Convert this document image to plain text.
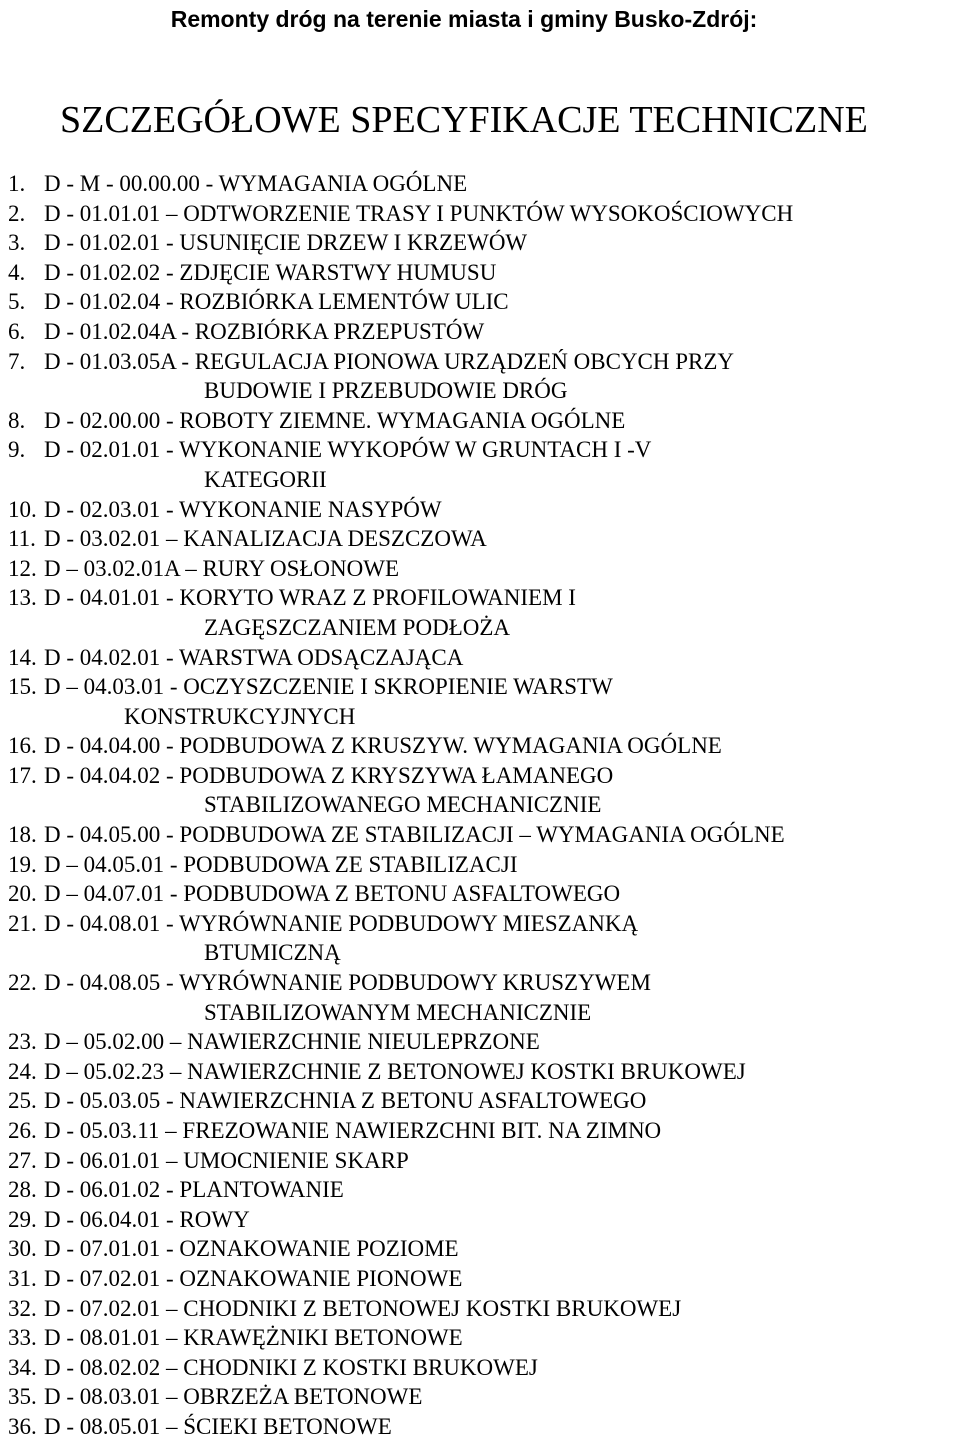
Remonty dróg na terenie miasta i gminy Busko-Zdrój:
SZCZEGÓŁOWE SPECYFIKACJE TECHNICZNE
1. D - M - 00.00.00 - WYMAGANIA OGÓLNE
2. D - 01.01.01 – ODTWORZENIE TRASY I PUNKTÓW WYSOKOŚCIOWYCH
3. D - 01.02.01 - USUNIĘCIE DRZEW I KRZEWÓW
4. D - 01.02.02 - ZDJĘCIE WARSTWY HUMUSU
5. D - 01.02.04 - ROZBIÓRKA LEMENTÓW ULIC
6. D - 01.02.04A - ROZBIÓRKA PRZEPUSTÓW
7. D - 01.03.05A - REGULACJA PIONOWA URZĄDZEŃ OBCYCH PRZY
BUDOWIE I PRZEBUDOWIE DRÓG
8. D - 02.00.00 - ROBOTY ZIEMNE. WYMAGANIA OGÓLNE
9. D - 02.01.01 - WYKONANIE WYKOPÓW W GRUNTACH I -V
KATEGORII
10. D - 02.03.01 - WYKONANIE NASYPÓW
11. D - 03.02.01 – KANALIZACJA DESZCZOWA
12. D – 03.02.01A – RURY OSŁONOWE
13. D - 04.01.01 - KORYTO WRAZ Z PROFILOWANIEM I
ZAGĘSZCZANIEM PODŁOŻA
14. D - 04.02.01 - WARSTWA ODSĄCZAJĄCA
15. D – 04.03.01 - OCZYSZCZENIE I SKROPIENIE WARSTW
KONSTRUKCYJNYCH
16. D - 04.04.00 - PODBUDOWA Z KRUSZYW. WYMAGANIA OGÓLNE
17. D - 04.04.02 - PODBUDOWA Z KRYSZYWA ŁAMANEGO
STABILIZOWANEGO MECHANICZNIE
18. D - 04.05.00 - PODBUDOWA ZE STABILIZACJI – WYMAGANIA OGÓLNE
19. D – 04.05.01 - PODBUDOWA ZE STABILIZACJI
20. D – 04.07.01 - PODBUDOWA Z BETONU ASFALTOWEGO
21. D - 04.08.01 - WYRÓWNANIE PODBUDOWY MIESZANKĄ
BTUMICZNĄ
22. D - 04.08.05 - WYRÓWNANIE PODBUDOWY KRUSZYWEM
STABILIZOWANYM MECHANICZNIE
23. D – 05.02.00 – NAWIERZCHNIE NIEULEPRZONE
24. D – 05.02.23 – NAWIERZCHNIE Z BETONOWEJ KOSTKI BRUKOWEJ
25. D - 05.03.05 - NAWIERZCHNIA Z BETONU ASFALTOWEGO
26. D - 05.03.11 – FREZOWANIE NAWIERZCHNI BIT. NA ZIMNO
27. D - 06.01.01 – UMOCNIENIE SKARP
28. D - 06.01.02 - PLANTOWANIE
29. D - 06.04.01 - ROWY
30. D - 07.01.01 - OZNAKOWANIE POZIOME
31. D - 07.02.01 - OZNAKOWANIE PIONOWE
32. D - 07.02.01 – CHODNIKI Z BETONOWEJ KOSTKI BRUKOWEJ
33. D - 08.01.01 – KRAWĘŻNIKI BETONOWE
34. D - 08.02.02 – CHODNIKI Z KOSTKI BRUKOWEJ
35. D - 08.03.01 – OBRZEŻA BETONOWE
36. D - 08.05.01 – ŚCIEKI BETONOWE
